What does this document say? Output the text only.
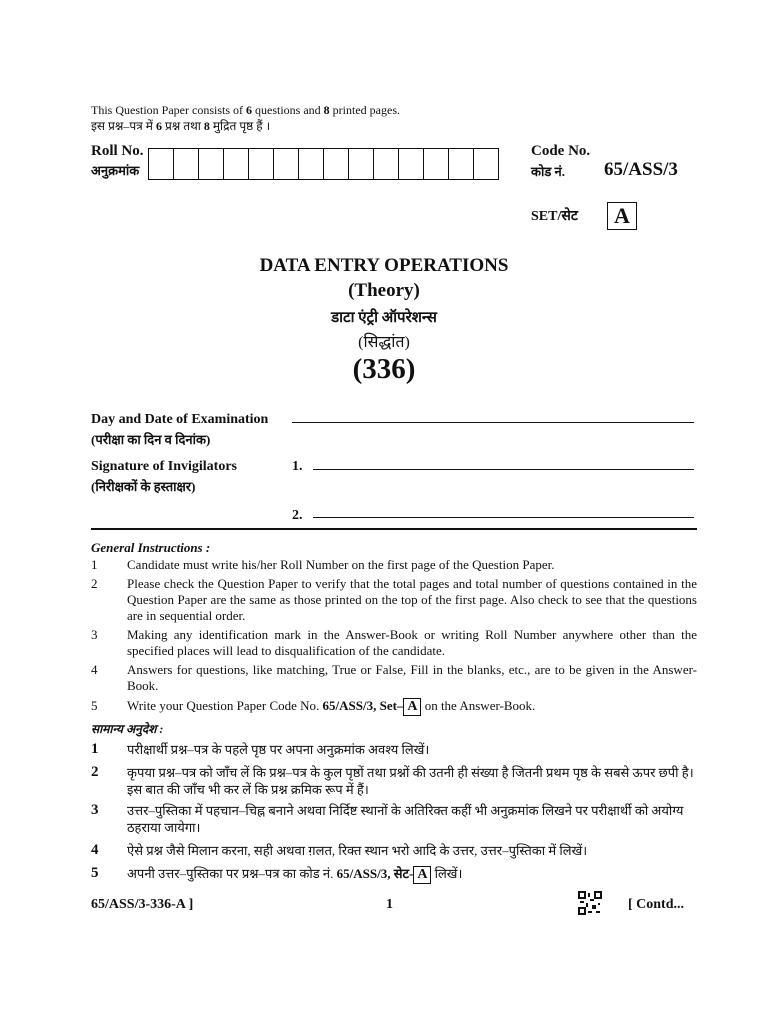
This Question Paper consists of 6 questions and 8 printed pages.
इस प्रश्न–पत्र में 6 प्रश्न तथा 8 मुद्रित पृष्ठ हैं ।
Roll No.
अनुक्रमांक
Code No.
कोड नं. 65/ASS/3
SET/सेट	A
DATA ENTRY OPERATIONS
(Theory)
डाटा एंट्री ऑपरेशन्स
(सिद्धांत)
(336)
Day and Date of Examination
(परीक्षा का दिन व दिनांक)
Signature of Invigilators
(निरीक्षकों के हस्ताक्षर)
1.
2.
General Instructions :
1 Candidate must write his/her Roll Number on the first page of the Question Paper.
2 Please check the Question Paper to verify that the total pages and total number of questions contained in the Question Paper are the same as those printed on the top of the first page. Also check to see that the questions are in sequential order.
3 Making any identification mark in the Answer-Book or writing Roll Number anywhere other than the specified places will lead to disqualification of the candidate.
4 Answers for questions, like matching, True or False, Fill in the blanks, etc., are to be given in the Answer-Book.
5 Write your Question Paper Code No. 65/ASS/3, Set– A on the Answer-Book.
सामान्य अनुदेश :
1 परीक्षार्थी प्रश्न–पत्र के पहले पृष्ठ पर अपना अनुक्रमांक अवश्य लिखें।
2 कृपया प्रश्न–पत्र को जाँच लें कि प्रश्न–पत्र के कुल पृष्ठों तथा प्रश्नों की उतनी ही संख्या है जितनी प्रथम पृष्ठ के सबसे ऊपर छपी है। इस बात की जाँच भी कर लें कि प्रश्न क्रमिक रूप में हैं।
3 उत्तर–पुस्तिका में पहचान–चिह्न बनाने अथवा निर्दिष्ट स्थानों के अतिरिक्त कहीं भी अनुक्रमांक लिखने पर परीक्षार्थी को अयोग्य ठहराया जायेगा।
4 ऐसे प्रश्न जैसे मिलान करना, सही अथवा ग़लत, रिक्त स्थान भरो आदि के उत्तर, उत्तर–पुस्तिका में लिखें।
5 अपनी उत्तर–पुस्तिका पर प्रश्न–पत्र का कोड नं. 65/ASS/3, सेट- A लिखें।
65/ASS/3-336-A ]	1	[ Contd...
